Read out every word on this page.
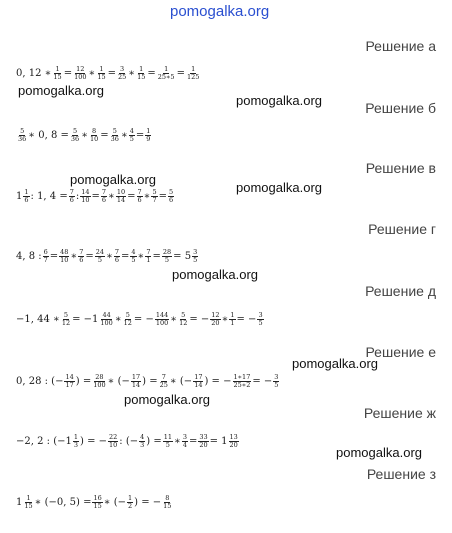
pomogalka.org
pomogalka.org
pomogalka.org
pomogalka.org
pomogalka.org
pomogalka.org
pomogalka.org
pomogalka.org
pomogalka.org
Решение а
Решение б
Решение в
Решение г
Решение д
Решение е
Решение ж
Решение з
0, 12 ∗ $\frac{1}{15} = \frac{12}{100}$ ∗ $\frac{1}{15} = \frac{3}{25}$ ∗ $\frac{1}{15} = \frac{1}{25∗5} = \frac{1}{125}$
$\frac{5}{36}$ ∗ 0, $8 = \frac{5}{36}$ ∗ $\frac{8}{10} = \frac{5}{36}$ ∗ $\frac{4}{5} = \frac{1}{9}$
$1 \frac{1}{6}$ : 1, $4 = \frac{7}{6}$ : $\frac{14}{10} = \frac{7}{6}$ ∗ $\frac{10}{14} = \frac{7}{6}$ ∗ $\frac{5}{7} = \frac{5}{6}$
4, 8 : $\frac{6}{7} = \frac{48}{10}$ ∗ $\frac{7}{6} = \frac{24}{5}$ ∗ $\frac{7}{6} = \frac{4}{5}$ ∗ $\frac{7}{1} = \frac{28}{5} = 5 \frac{3}{5}$
−1, 44 ∗ $\frac{5}{12} = -1 \frac{44}{100}$ ∗ $\frac{5}{12}$ = − $\frac{144}{100}$ ∗ $\frac{5}{12}$ = − $\frac{12}{20}$ ∗ $\frac{1}{1}$ = − $\frac{3}{5}$
0, 28 : (− $\frac{14}{17}$ ) = $\frac{28}{100}$ ∗ (− $\frac{17}{14}$ ) = $\frac{7}{25}$ ∗ (− $\frac{17}{14}$ ) = − $\frac{1∗17}{25∗2}$ = − $\frac{3}{5}$
−2, 2 : ($-1 \frac{1}{3}$ ) = − $\frac{22}{10}$ : (− $\frac{4}{3}$ ) = $\frac{11}{5}$ ∗ $\frac{3}{4} = \frac{33}{20} = 1 \frac{13}{20}$
$1 \frac{1}{15}$ ∗ (−0, $5) = \frac{16}{15}$ ∗ (− $\frac{1}{2}$ ) = − $\frac{8}{15}$
